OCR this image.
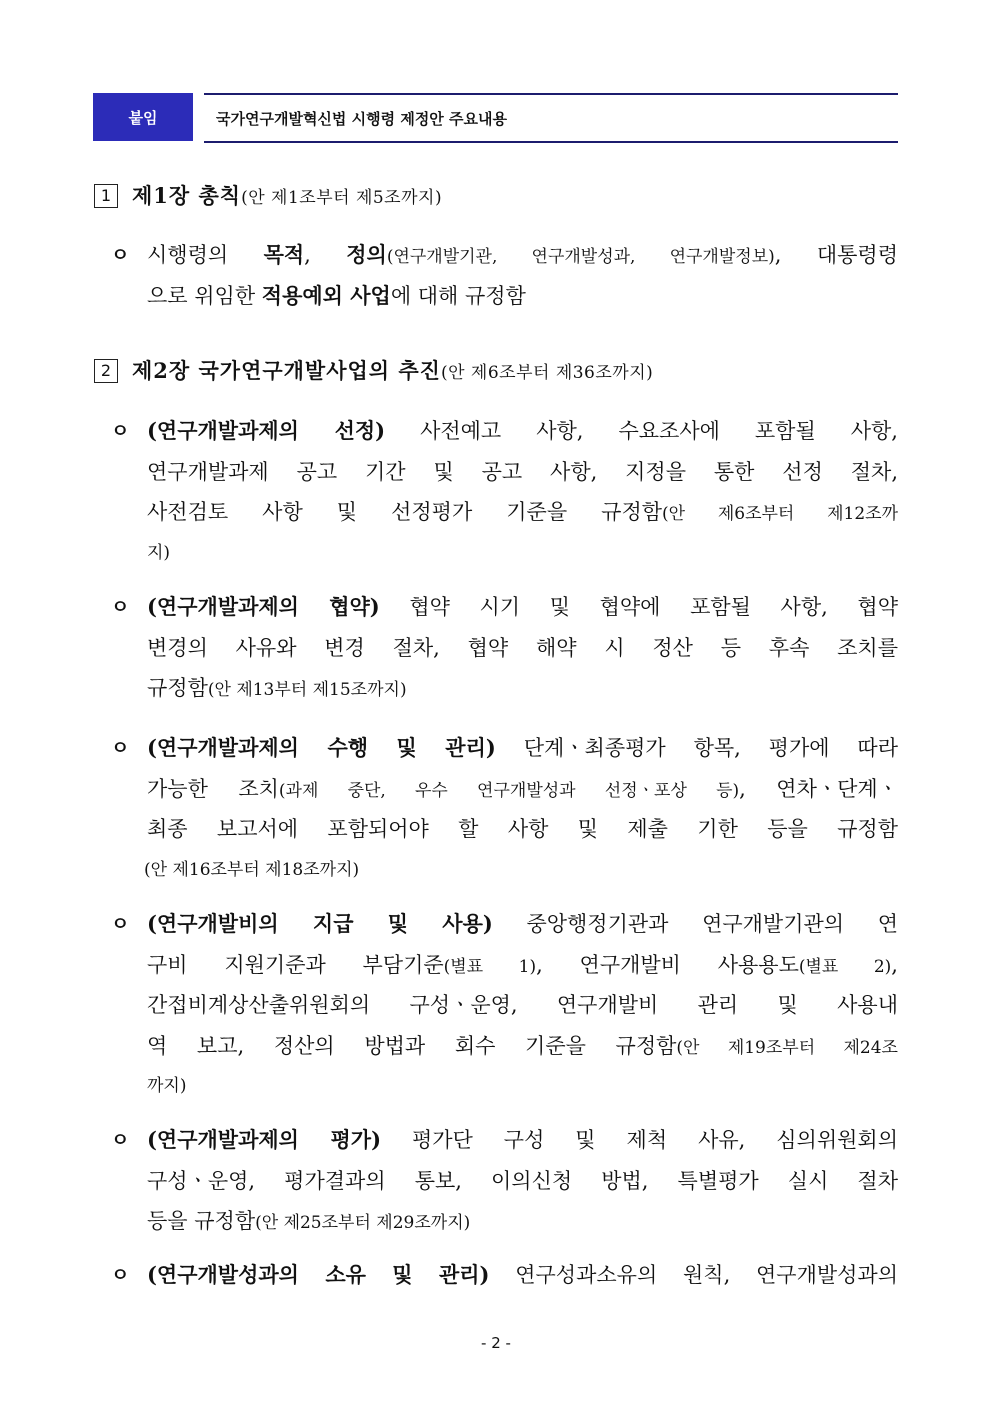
붙임	국가연구개발혁신법 시행령 제정안 주요내용
1 제1장 총칙(안 제1조부터 제5조까지)
ㅇ 시행령의 목적, 정의(연구개발기관, 연구개발성과, 연구개발정보), 대통령령
으로 위임한 적용예외 사업에 대해 규정함
2 제2장 국가연구개발사업의 추진(안 제6조부터 제36조까지)
ㅇ (연구개발과제의 선정) 사전예고 사항, 수요조사에 포함될 사항,
연구개발과제 공고 기간 및 공고 사항, 지정을 통한 선정 절차,
사전검토 사항 및 선정평가 기준을 규정함(안 제6조부터 제12조까
지)
ㅇ (연구개발과제의 협약) 협약 시기 및 협약에 포함될 사항, 협약
변경의 사유와 변경 절차, 협약 해약 시 정산 등 후속 조치를
규정함(안 제13부터 제15조까지)
ㅇ (연구개발과제의 수행 및 관리) 단계ㆍ최종평가 항목, 평가에 따라
가능한 조치(과제 중단, 우수 연구개발성과 선정ㆍ포상 등), 연차ㆍ단계ㆍ
최종 보고서에 포함되어야 할 사항 및 제출 기한 등을 규정함
(안 제16조부터 제18조까지)
ㅇ (연구개발비의 지급 및 사용) 중앙행정기관과 연구개발기관의 연
구비 지원기준과 부담기준(별표 1), 연구개발비 사용용도(별표 2),
간접비계상산출위원회의 구성ㆍ운영, 연구개발비 관리 및 사용내
역 보고, 정산의 방법과 회수 기준을 규정함(안 제19조부터 제24조
까지)
ㅇ (연구개발과제의 평가) 평가단 구성 및 제척 사유, 심의위원회의
구성ㆍ운영, 평가결과의 통보, 이의신청 방법, 특별평가 실시 절차
등을 규정함(안 제25조부터 제29조까지)
ㅇ (연구개발성과의 소유 및 관리) 연구성과소유의 원칙, 연구개발성과의
- 2 -
